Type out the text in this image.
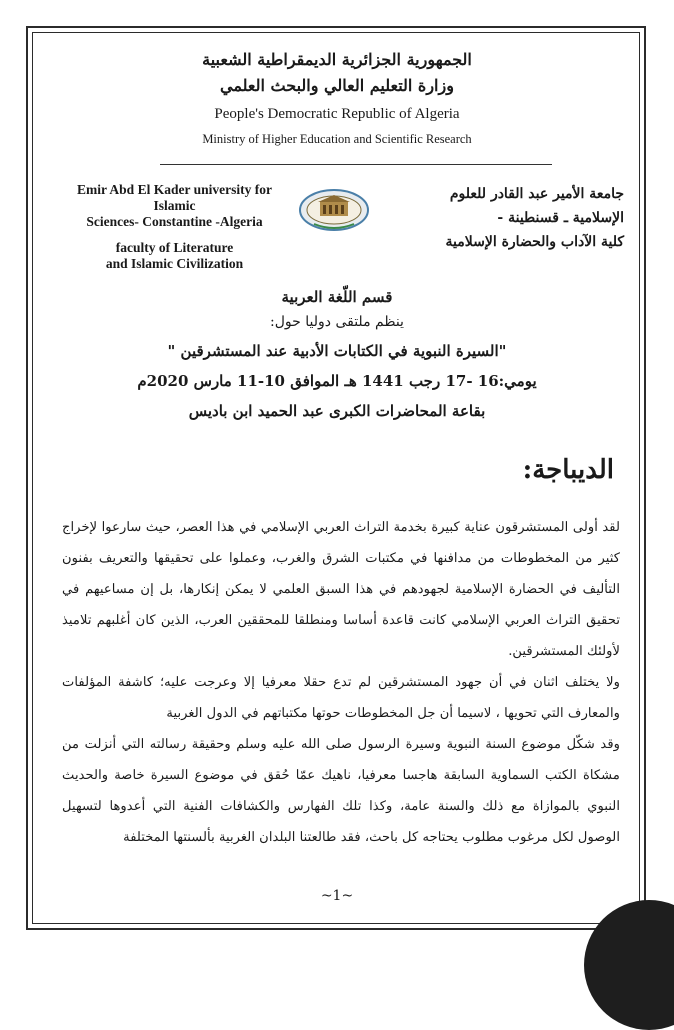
الجمهورية الجزائرية الديمقراطية الشعبية
وزارة التعليم العالي والبحث العلمي
People's Democratic Republic of Algeria
Ministry of Higher Education and Scientific Research
Emir Abd El Kader university for
Islamic
Sciences- Constantine -Algeria
faculty of Literature
and Islamic Civilization
جامعة الأمير عبد القادر للعلوم
الإسلامية ـ قسنطينة -
كلية الآداب والحضارة الإسلامية
قسم اللّغة العربية
ينظم ملتقى دوليا حول:
"السيرة النبوية في الكتابات الأدبية عند المستشرقين "
يومي:16 -17 رجب 1441 هـ الموافق 10-11 مارس 2020م
بقاعة المحاضرات الكبرى عبد الحميد ابن باديس
الديباجة:

لقد أولى المستشرقون عناية كبيرة بخدمة التراث العربي الإسلامي في هذا العصر، حيث سارعوا لإخراج كثير من المخطوطات من مدافنها في مكتبات الشرق والغرب، وعملوا على تحقيقها والتعريف بفنون التأليف في الحضارة الإسلامية لجهودهم في هذا السبق العلمي لا يمكن إنكارها، بل إن مساعيهم في تحقيق التراث العربي الإسلامي كانت قاعدة أساسا ومنطلقا للمحققين العرب، الذين كان أغلبهم تلاميذ لأولئك المستشرقين.

ولا يختلف اثنان في أن جهود المستشرقين لم تدع حقلا معرفيا إلا وعرجت عليه؛ كاشفة المؤلفات والمعارف التي تحويها ، لاسيما أن جل المخطوطات حوتها مكتباتهم في الدول الغربية

وقد شكّل موضوع السنة النبوية وسيرة الرسول صلى الله عليه وسلم وحقيقة رسالته التي أنزلت من مشكاة الكتب السماوية السابقة هاجسا معرفيا، ناهيك عمّا حُقق في موضوع السيرة خاصة والحديث النبوي بالموازاة مع ذلك والسنة عامة، وكذا تلك الفهارس والكشافات الفنية التي أعدوها لتسهيل الوصول لكل مرغوب مطلوب يحتاجه كل باحث، فقد طالعتنا البلدان الغربية بألسنتها المختلفة

~1~
